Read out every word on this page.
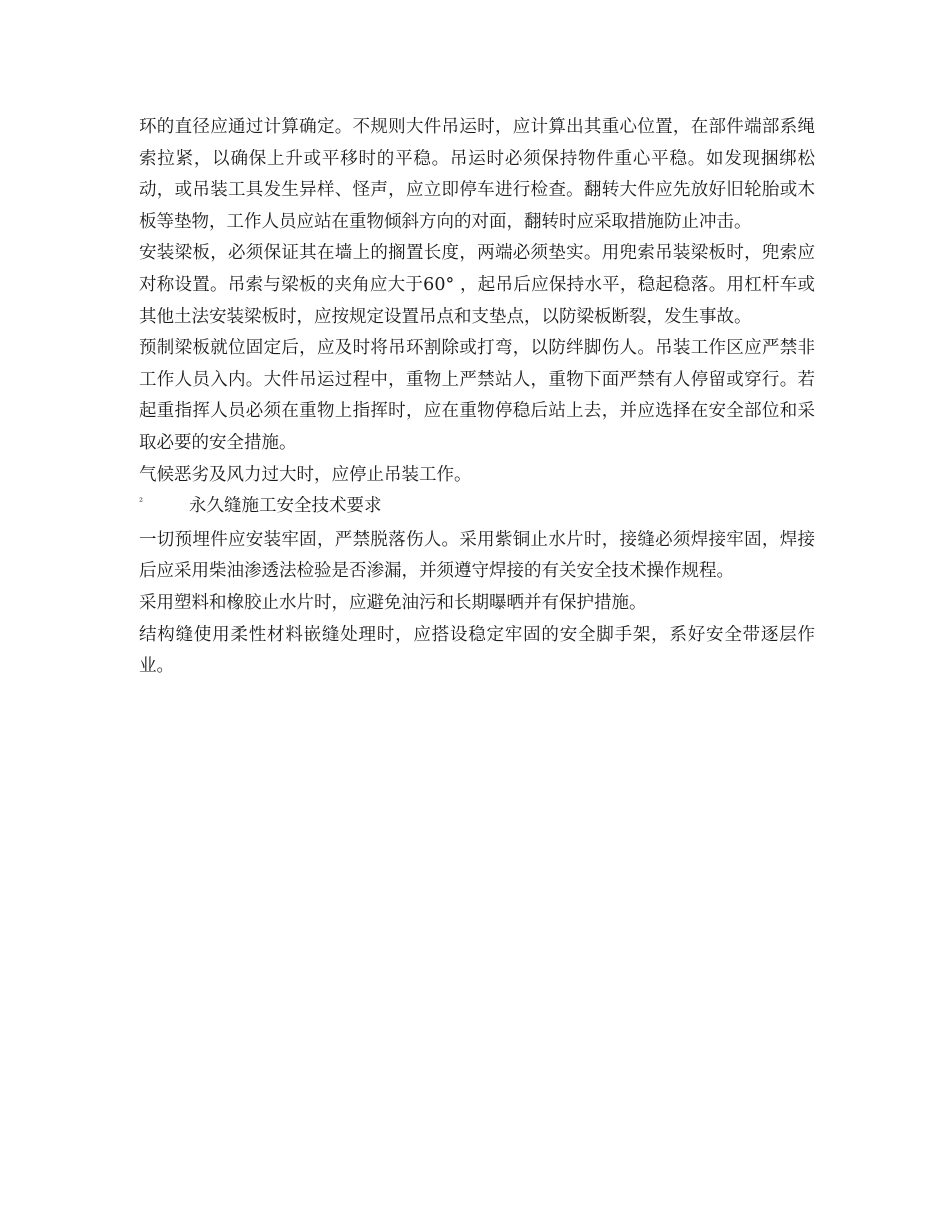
环的直径应通过计算确定。不规则大件吊运时，应计算出其重心位置，在部件端部系绳索拉紧，以确保上升或平移时的平稳。吊运时必须保持物件重心平稳。如发现捆绑松动，或吊装工具发生异样、怪声，应立即停车进行检查。翻转大件应先放好旧轮胎或木板等垫物，工作人员应站在重物倾斜方向的对面，翻转时应采取措施防止冲击。

安装梁板，必须保证其在墙上的搁置长度，两端必须垫实。用兜索吊装梁板时，兜索应对称设置。吊索与梁板的夹角应大于60° ，起吊后应保持水平，稳起稳落。用杠杆车或其他土法安装梁板时，应按规定设置吊点和支垫点，以防梁板断裂，发生事故。

预制梁板就位固定后，应及时将吊环割除或打弯，以防绊脚伤人。吊装工作区应严禁非工作人员入内。大件吊运过程中，重物上严禁站人，重物下面严禁有人停留或穿行。若起重指挥人员必须在重物上指挥时，应在重物停稳后站上去，并应选择在安全部位和采取必要的安全措施。

气候恶劣及风力过大时，应停止吊装工作。

²	永久缝施工安全技术要求

一切预埋件应安装牢固，严禁脱落伤人。采用紫铜止水片时，接缝必须焊接牢固，焊接后应采用柴油渗透法检验是否渗漏，并须遵守焊接的有关安全技术操作规程。

采用塑料和橡胶止水片时，应避免油污和长期曝晒并有保护措施。

结构缝使用柔性材料嵌缝处理时，应搭设稳定牢固的安全脚手架，系好安全带逐层作业。
